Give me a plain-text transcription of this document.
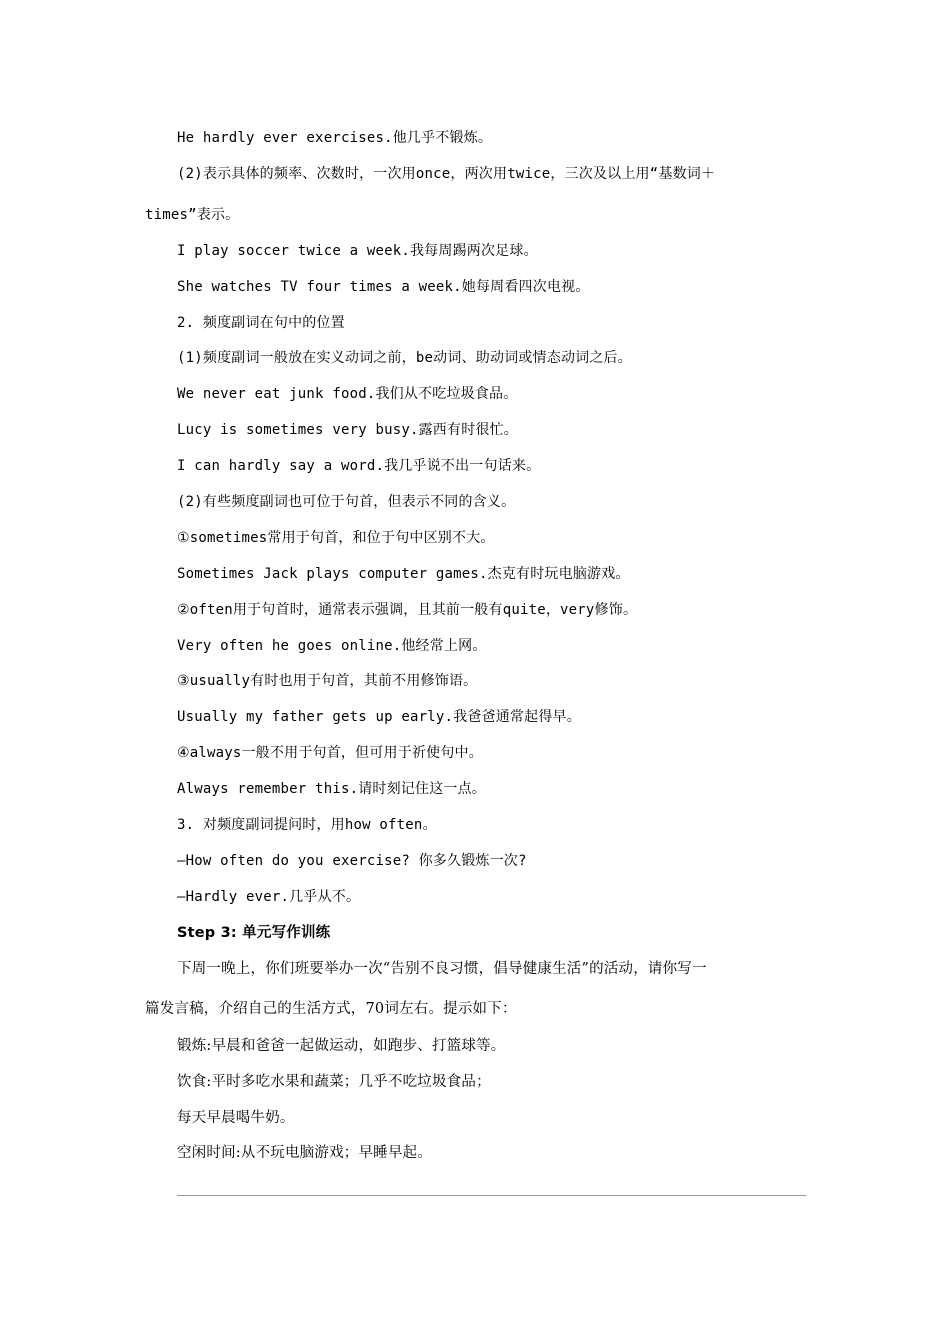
He hardly ever exercises.他几乎不锻炼。
(2)表示具体的频率、次数时，一次用once，两次用twice，三次及以上用“基数词＋
times”表示。
I play soccer twice a week.我每周踢两次足球。
She watches TV four times a week.她每周看四次电视。
2. 频度副词在句中的位置
(1)频度副词一般放在实义动词之前，be动词、助动词或情态动词之后。
We never eat junk food.我们从不吃垃圾食品。
Lucy is sometimes very busy.露西有时很忙。
I can hardly say a word.我几乎说不出一句话来。
(2)有些频度副词也可位于句首，但表示不同的含义。
①sometimes常用于句首，和位于句中区别不大。
Sometimes Jack plays computer games.杰克有时玩电脑游戏。
②often用于句首时，通常表示强调，且其前一般有quite，very修饰。
Very often he goes online.他经常上网。
③usually有时也用于句首，其前不用修饰语。
Usually my father gets up early.我爸爸通常起得早。
④always一般不用于句首，但可用于祈使句中。
Always remember this.请时刻记住这一点。
3. 对频度副词提问时，用how often。
—How often do you exercise? 你多久锻炼一次?
—Hardly ever.几乎从不。
Step 3: 单元写作训练
下周一晚上，你们班要举办一次“告别不良习惯，倡导健康生活”的活动，请你写一
篇发言稿，介绍自己的生活方式，70词左右。提示如下：
锻炼:早晨和爸爸一起做运动，如跑步、打篮球等。
饮食:平时多吃水果和蔬菜；几乎不吃垃圾食品；
每天早晨喝牛奶。
空闲时间:从不玩电脑游戏；早睡早起。
